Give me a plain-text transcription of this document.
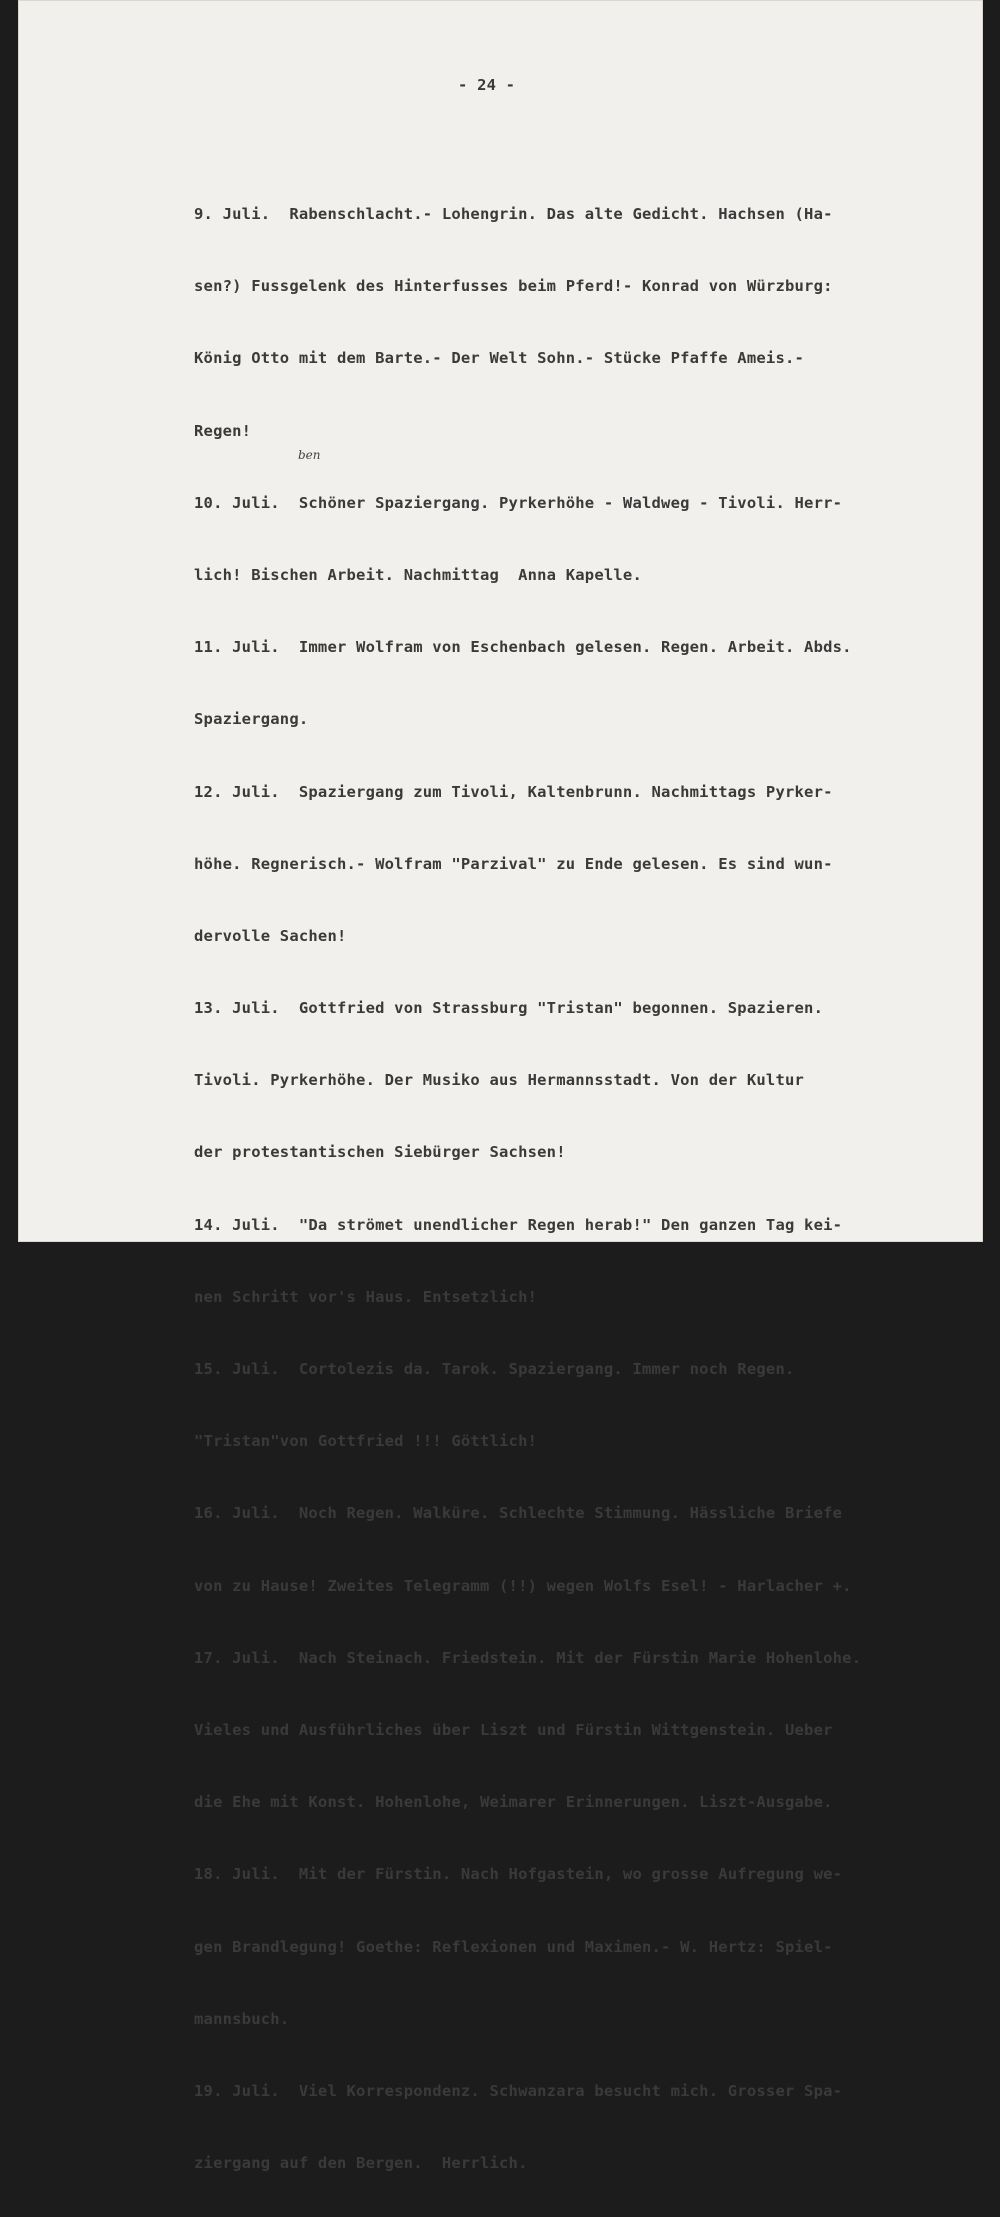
- 24 -
ben

9. Juli.  Rabenschlacht.- Lohengrin. Das alte Gedicht. Hachsen (Ha-

sen?) Fussgelenk des Hinterfusses beim Pferd!- Konrad von Würzburg:

König Otto mit dem Barte.- Der Welt Sohn.- Stücke Pfaffe Ameis.-

Regen!

10. Juli.  Schöner Spaziergang. Pyrkerhöhe - Waldweg - Tivoli. Herr-

lich! Bischen Arbeit. Nachmittag  Anna Kapelle.

11. Juli.  Immer Wolfram von Eschenbach gelesen. Regen. Arbeit. Abds.

Spaziergang.

12. Juli.  Spaziergang zum Tivoli, Kaltenbrunn. Nachmittags Pyrker-

höhe. Regnerisch.- Wolfram "Parzival" zu Ende gelesen. Es sind wun-

dervolle Sachen!

13. Juli.  Gottfried von Strassburg "Tristan" begonnen. Spazieren.

Tivoli. Pyrkerhöhe. Der Musiko aus Hermannsstadt. Von der Kultur

der protestantischen Siebürger Sachsen!

14. Juli.  "Da strömet unendlicher Regen herab!" Den ganzen Tag kei-

nen Schritt vor's Haus. Entsetzlich!

15. Juli.  Cortolezis da. Tarok. Spaziergang. Immer noch Regen.

"Tristan"von Gottfried !!! Göttlich!

16. Juli.  Noch Regen. Walküre. Schlechte Stimmung. Hässliche Briefe

von zu Hause! Zweites Telegramm (!!) wegen Wolfs Esel! - Harlacher +.

17. Juli.  Nach Steinach. Friedstein. Mit der Fürstin Marie Hohenlohe.

Vieles und Ausführliches über Liszt und Fürstin Wittgenstein. Ueber

die Ehe mit Konst. Hohenlohe, Weimarer Erinnerungen. Liszt-Ausgabe.

18. Juli.  Mit der Fürstin. Nach Hofgastein, wo grosse Aufregung we-

gen Brandlegung! Goethe: Reflexionen und Maximen.- W. Hertz: Spiel-

mannsbuch.

19. Juli.  Viel Korrespondenz. Schwanzara besucht mich. Grosser Spa-

ziergang auf den Bergen.  Herrlich.
